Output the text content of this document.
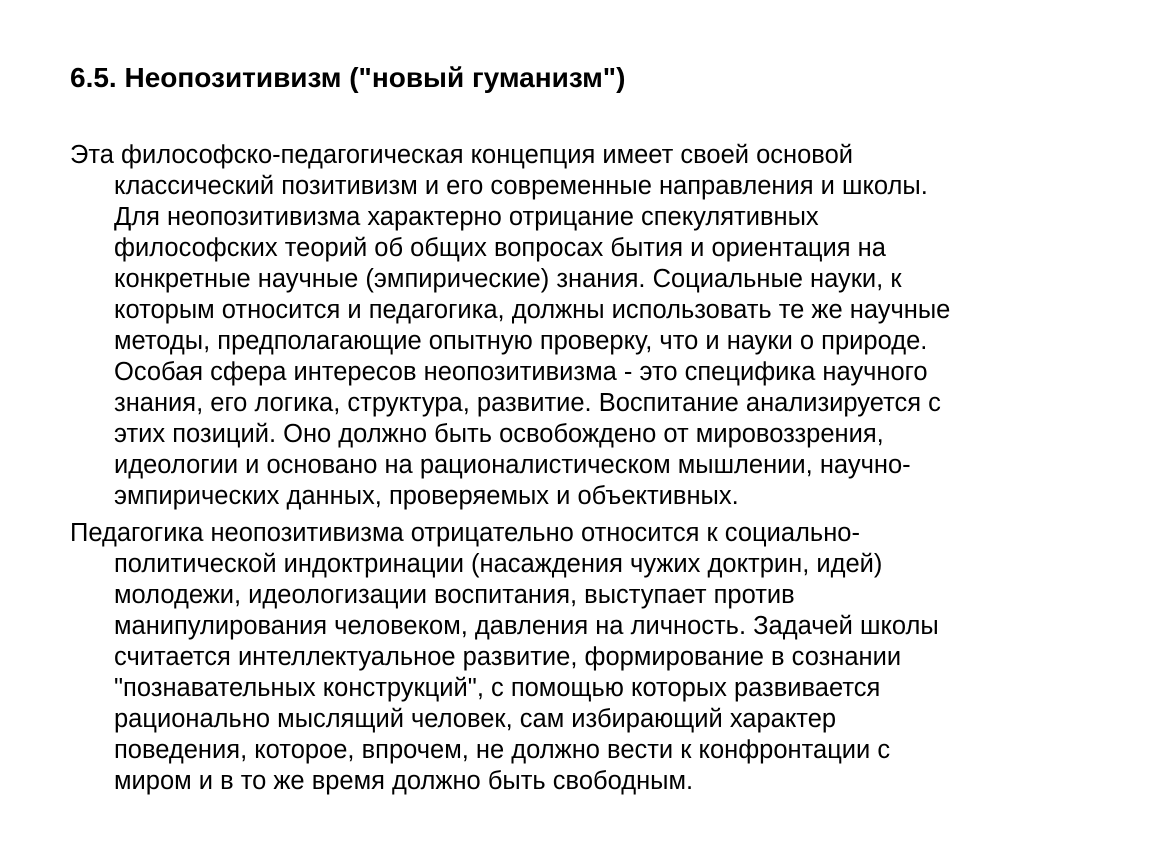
6.5. Неопозитивизм ("новый гуманизм")

Эта философско-педагогическая концепция имеет своей основой
классический позитивизм и его современные направления и школы.
Для неопозитивизма характерно отрицание спекулятивных
философских теорий об общих вопросах бытия и ориентация на
конкретные научные (эмпирические) знания. Социальные науки, к
которым относится и педагогика, должны использовать те же научные
методы, предполагающие опытную проверку, что и науки о природе.
Особая сфера интересов неопозитивизма - это специфика научного
знания, его логика, структура, развитие. Воспитание анализируется с
этих позиций. Оно должно быть освобождено от мировоззрения,
идеологии и основано на рационалистическом мышлении, научно-
эмпирических данных, проверяемых и объективных.

Педагогика неопозитивизма отрицательно относится к социально-
политической индоктринации (насаждения чужих доктрин, идей)
молодежи, идеологизации воспитания, выступает против
манипулирования человеком, давления на личность. Задачей школы
считается интеллектуальное развитие, формирование в сознании
"познавательных конструкций", с помощью которых развивается
рационально мыслящий человек, сам избирающий характер
поведения, которое, впрочем, не должно вести к конфронтации с
миром и в то же время должно быть свободным.
